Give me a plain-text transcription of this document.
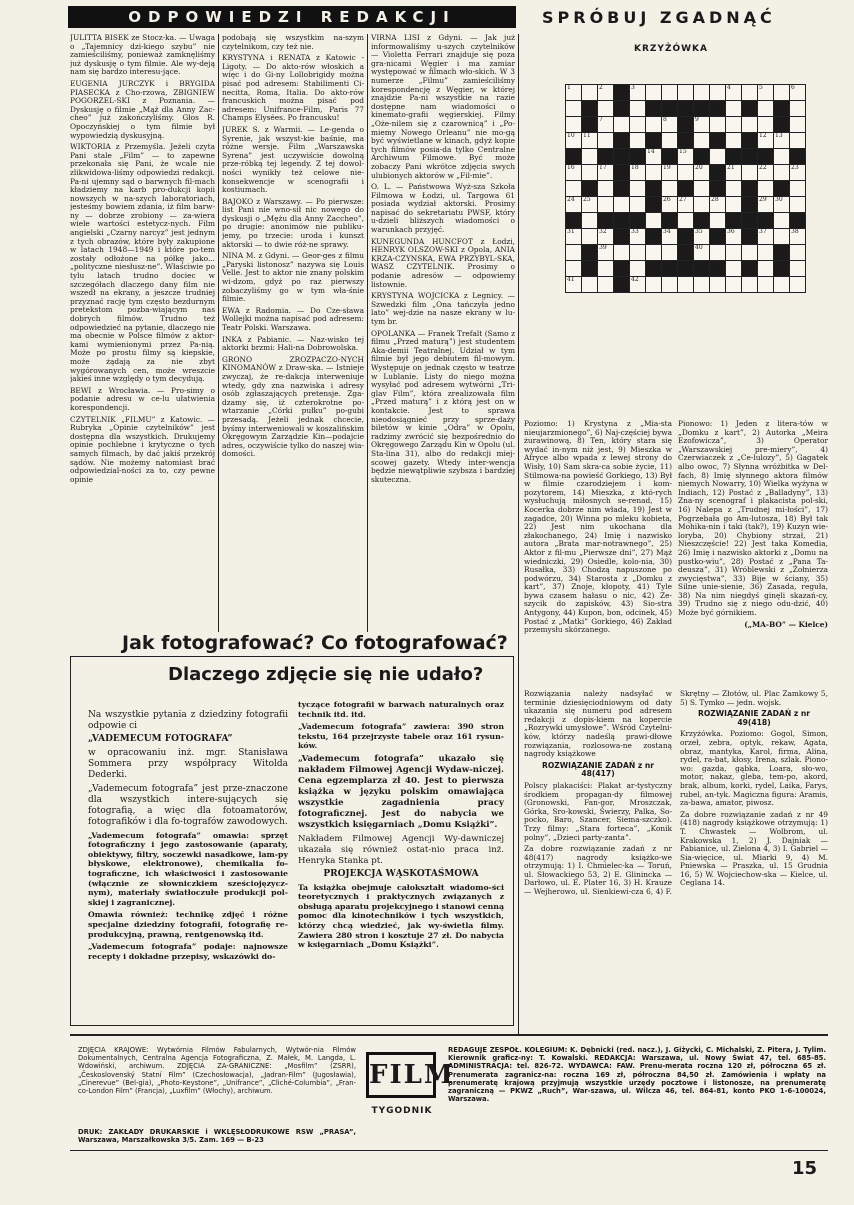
ODPOWIEDZI REDAKCJI	SPRÓBUJ ZGADNĄĆ
KRZYŻÓWKA

JULITTA BISEK ze Stocz-ka. — Uwaga o „Tajemnicy dzi-kiego szybu” nie zamieściliśmy, ponieważ zamknęliśmy już dyskusję o tym filmie. Ale wy-deją nam się bardzo interesu-jące.

EUGENIA JURCZYK i BRYGIDA PIASECKA z Cho-rzowa, ZBIGNIEW POGORZEL-SKI z Poznania. — Dyskusję o filmie „Mąż dla Anny Zac-cheo” już zakończyliśmy. Głos R. Opoczyńskiej o tym filmie był wypowiedzią dyskusyjną.

WIKTORIA z Przemyśla. Jeżeli czyta Pani stale „Film” — to zapewne przekonała się Pani, że wcale nie zlikwidowa-liśmy odpowiedzi redakcji. Pa-ni ujemny sąd o barwnych fil-mach kładziemy na karb pro-dukcji kopii nowszych w na-szych laboratoriach, jesteśmy bowiem zdania, iż film barw-ny — dobrze zrobiony — za-wiera wiele wartości estetycz-nych. Film angielski „Czarny narcyz” jest jednym z tych obrazów, które były zakupione w latach 1948—1949 i które po-tem zostały odłożone na półkę jako... „polityczne niesłusz-ne”. Właściwie po tylu latach trudno dociec w szczegółach dlaczego dany film nie wszedł na ekrany, a jeszcze trudniej przyznać rację tym często bezdurnym pretekstom pozba-wiającym nas dobrych filmów. Trudno też odpowiedzieć na pytanie, dlaczego nie ma obecnie w Polsce filmów z aktor-kami wymienionymi przez Pa-nią. Może po prostu filmy są kiepskie, może żądają za nie zbyt wygórowanych cen, może wreszcie jakieś inne względy o tym decydują.

BEWI z Wrocławia. — Pro-simy o podanie adresu w ce-lu ułatwienia korespondencji.

CZYTELNIK „FILMU” z Katowic. — Rubryka „Opinie czytelników” jest dostępna dla wszystkich. Drukujemy opinie pochlebne i krytyczne o tych samych filmach, by dać jakiś przekrój sądów. Nie możemy natomiast brać odpowiedzial-ności za to, czy pewne opinie

podobają się wszystkim na-szym czytelnikom, czy też nie.

KRYSTYNA i RENATA z Katowic - Ligoty. — Do akto-rów włoskich a więc i do Gi-ny Lollobrigidy można pisać pod adresem: Stabilimenti Ci-necitta, Roma, Italia. Do akto-rów francuskich można pisać pod adresem: Unifrance-Film, Paris 77 Champs Elysées. Po francusku!

JUREK S. z Warmii. — Le-genda o Syrenie, jak wszyst-kie baśnie, ma różne wersje. Film „Warszawska Syrena” jest uczywiście dowolną prze-róbką tej legendy. Z tej dowol-ności wynikły też celowe nie-konsekwencje w scenografii i kostiumach.

BAJOKO z Warszawy. — Po pierwsze: list Pani nie wno-sił nic nowego do dyskusji o „Mężu dla Anny Zaccheo”, po drugie: anonimów nie publiku-jemy, po trzecie: uroda i kunszt aktorski — to dwie róż-ne sprawy.

NINA M. z Gdyni. — Geor-ges z filmu „Paryski listonosz” nazywa się Louis Velle. Jest to aktor nie znany polskim wi-dzom, gdyż po raz pierwszy zobaczyliśmy go w tym wła-śnie filmie.

EWA z Radomia. — Do Cze-sława Wollejki można napisać pod adresem: Teatr Polski. Warszawa.

INKA z Pabianic. — Naz-wisko tej aktorki brzmi: Hali-na Dobrowolska.

GRONO ZROZPACZO-NYCH KINOMANÓW z Draw-ska. — Istnieje zwyczaj, że re-dakcja interweniuje wtedy, gdy zna nazwiska i adresy osób zgłaszających pretensje. Zga-dzamy się, iż czterokrotne po-wtarzanie „Córki pułku” po-gubi przesadą. Jeżeli jednak chcecie, byśmy interweniowali w koszalińskim Okręgowym Zarządzie Kin—podajcie adres, oczywiście tylko do naszej wia-domości.

VIRNA LISI z Gdyni. — Jak już informowaliśmy u-szych czytelników — Violetta Ferrari znajduje się poza gra-nicami Węgier i ma zamiar występować w filmach wło-skich. W 3 numerze „Filmu” zamieściliśmy korespondencję z Węgier, w której znajdzie Pa-ni wszystkie na razie dostępne nam wiadomości o kinemato-grafii węgierskiej. Filmy „Oże-nilem się z czarownicą” i „Po-miemy Nowego Orleanu” nie mo-gą być wyświetlane w kinach, gdyż kopie tych filmów posia-da tylko Centralne Archiwum Filmowe. Być może zobaczy Pani wkrótce zdjęcia swych ulubionych aktorów w „Fil-mie”.

O. L. — Państwowa Wyż-sza Szkoła Filmowa w Łodzi, ul. Targowa 61 posiada wydział aktorski. Prosimy napisać do sekretariatu PWSF, który u-dzieli bliższych wiadomości o warunkach przyjęć.

KUNEGUNDA HUNCFOT z Łodzi, HENRYK OLSZOW-SKI z Opola, ANIA KRZA-CZYNSKA, EWA PRZYBYL-SKA, WASZ CZYTELNIK. Prosimy o podanie adresów — odpowiemy listownie.

KRYSTYNA WOJCICKA z Legnicy. — Szwedzki film „Ona tańczyła jedno lato” wej-dzie na nasze ekrany w lu-tym br.

OPOLANKA — Franek Trefalt (Samo z filmu „Przed maturą”) jest studentem Aka-demii Teatralnej. Udział w tym filmie był jego debiutem fil-mowym. Występuje on jednak często w teatrze w Lublanie. Listy do niego można wysyłać pod adresem wytwórni „Tri-glav Film”, która zrealizowała film „Przed maturą” i z którą jest on w kontakcie. Jest to sprawa nieodosiągnieć przy sprze-daży biletów w kinie „Odra” w Opolu, radzimy zwrócić się bezpośrednio do Okręgowego Zarządu Kin w Opolu (ul. Sta-lina 31), albo do redakcji miej-scowej gazety. Wtedy inter-wencja będzie niewątpliwie szybsza i bardziej skuteczna.

1	2	3	4	5	6
7	8	9
10	11	12	13
14	15
16	17	18	19	20	21	22	23
24	25	26	27	28	29	30
31	32	33	34	35	36	37	38
39	40
41	42

Poziomo: 1) Krystyna z „Mia-sta nieujarzmionego”, 6) Naj-częściej bywa żurawinową, 8) Ten, który stara się wydać in-nym niż jest, 9) Mieszka w Afryce albo wpada z lewej strony do Wisły, 10) Sam skra-ca sobie życie, 11) Stilmowa-na powieść Gorkiego, 13) Był w filmie czarodziejem i kom-pozytorem, 14) Mieszka, z któ-rych wysłuchują miłosnych se-renad, 15) Kocerka dobrze nim włada, 19) Jest w zagadce, 20) Winna po mleku kobieta, 22) Jest nim ukochana dla złakochanego, 24) Imię i nazwisko autora „Brata mar-notrawnego”, 25) Aktor z fil-mu „Pierwsze dni”, 27) Mąż wiedniczki, 29) Osiedle, kolo-nia, 30) Rusałka, 33) Chodzą napuszone po podwórzu, 34) Starosta z „Domku z kart”, 37) Znoje, kłopoty, 41) Tyle bywa czasem hałasu o nic, 42) Ze-szycik do zapisków, 43) Sio-stra Antygony, 44) Kupon, bon, odcinek, 45) Postać z „Matki” Gorkiego, 46) Zakład przemysłu skórzanego.

Pionowo: 1) Jeden z litera-tów w „Domku z kart”, 2) Autorka „Meira Ezofowicza”, 3) Operator „Warszawskiej pre-miery”, 4) Czerwiaczek z „Ce-lulozy”, 5) Gagatek albo owoc, 7) Słynna wróżbitka w Del-fach, 8) Imię słynnego aktora filmów niemych Nowarry, 10) Wielka wyżyna w Indiach, 12) Postać z „Balladyny”, 13) Zna-ny scenograf i plakacista pol-ski, 16) Nalepa z „Trudnej mi-łości”, 17) Pogrzebała go Am-lutosza, 18) Był tak Mohika-nin i taki (tak?), 19) Kuzyn wie-loryba, 20) Chybiony strzał, 21) Nieszczęście! 22) Jest taka Komedia, 26) Imię i nazwisko aktorki z „Domu na pustko-wiu”, 28) Postać z „Pana Ta-deusza”, 31) Wróblewski z „Żołnierza zwycięstwa”, 33) Bije w ściany, 35) Silne unie-sienie, 36) Zasada, reguła, 38) Na nim niegdyś ginęli skazań-cy, 39) Trudno się z niego odu-dzić, 40) Może być górnikiem.

(„MA-BO” — Kielce)

Rozwiązania należy nadsyłać w terminie dziesięciodniowym od daty ukazania się numeru pod adresem redakcji z dopis-kiem na kopercie „Rozrywki umysłowe”. Wśród Czytelni-ków, którzy nadeślą prawi-dłowe rozwiązania, rozlosowa-ne zostaną nagrody książkowe

ROZWIĄZANIE ZADAŃ z nr 48(417)

Polscy plakaciści: Plakat ar-tystyczny środkiem propagan-dy filmowej (Gronowski, Fan-gor, Mroszczak, Górka, Sro-kowski, Świerzy, Palka, So-pocko, Baro, Szancer, Siema-szczko). Trzy filmy: „Stara forteca”, „Konik polny”, „Dzieci party-zanta”.

Za dobre rozwiązanie zadań z nr 48(417) nagrody książko-we otrzymują: 1) I. Chmielec-ka — Toruń, ul. Słowackiego 53, 2) E. Glinincka — Darłowo, ul. E. Plater 16, 3) H. Krauze — Wejherowo, ul. Sienkiewi-cza 6, 4) F. Skrętny — Złotów, ul. Plac Zamkowy 5, 5) S. Tymko — jedn. wojsk.

ROZWIĄZANIE ZADAŃ z nr 49(418)

Krzyżówka. Poziomo: Gogol, Simon, orzeł, zebra, optyk, rekaw, Agata, obraz, mantyka, Karol, firma, Alina, rydel, ra-bat, kłosy, Irena, szlak. Piono-wo: gazda, gąbka, Loara, sło-wo, motor, nakaz, gleba, tem-po, akord, brak, album, korki, rydel, Laika, Farys, rubel, an-tyk. Magiczna figura: Aramis, za-bawa, amator, piwosz.

Za dobre rozwiązanie zadań z nr 49 (418) nagrody książkowe otrzymują: 1) T. Chwastek — Wolbrom, ul. Krakowska 1, 2) J. Dajniak — Pabianice, ul. Zielona 4, 3) I. Gabriel — Sia-więcice, ul. Miarki 9, 4) M. Pniewska — Praszka, ul. 15 Grudnia 16, 5) W. Wojciechow-ska — Kielce, ul. Ceglana 14.

Jak fotografować? Co fotografować?
Dlaczego zdjęcie się nie udało?

Na wszystkie pytania z dziedziny fotografii odpowie ci

„VADEMECUM FOTOGRAFA”

w opracowaniu inż. mgr. Stanisława Sommera przy współpracy Witolda Dederki.

„Vademecum fotografa” jest prze-znaczone dla wszystkich intere-sujących się fotografią, a więc dla fotoamatorów, fotografików i dla fo-tografów zawodowych.

„Vademecum fotografa” omawia: sprzęt fotograficzny i jego zastosowanie (aparaty, obiektywy, filtry, soczewki nasadkowe, lam-py błyskowe, elektronowe), chemikalia fo-tograficzne, ich właściwości i zastosowanie (włącznie ze słowniczkiem sześciojęzycz-nym), materiały światłoczułe produkcji pol-skiej i zagranicznej.

Omawia również: technikę zdjęć i różne specjalne dziedziny fotografii, fotografię re-produkcyjną, prawną, rentgenowską itd.

„Vademecum fotografa” podaje: najnowsze recepty i dokładne przepisy, wskazówki do-

tyczące fotografii w barwach naturalnych oraz technik itd. itd.

„Vademecum fotografa” zawiera: 390 stron tekstu, 164 przejrzyste tabele oraz 161 rysun-ków.

„Vademecum fotografa” ukazało się nakładem Filmowej Agencji Wydaw-niczej. Cena egzemplarza zł 40. Jest to pierwsza książka w języku polskim omawiająca wszystkie zagadnienia pracy fotograficznej. Jest do nabycia we wszystkich księgarniach „Domu Książki”.

Nakładem Filmowej Agencji Wy-dawniczej ukazała się również ostat-nio praca inż. Henryka Stanka pt.

PROJEKCJA WĄSKOTAŚMOWA

Ta książka obejmuje całokształt wiadomo-ści teoretycznych i praktycznych związanych z obsługą aparatu projekcyjnego i stanowi cenną pomoc dla kinotechników i tych wszystkich, którzy chcą wiedzieć, jak wy-świetla filmy. Zawiera 280 stron i kosztuje 27 zł. Do nabycia w księgarniach „Domu Książki”.

ZDJĘCIA KRAJOWE: Wytwórnia Filmów Fabularnych, Wytwór-nia Filmów Dokumentalnych, Centralna Agencja Fotograficzna, Z. Małek, M. Langda, L. Wdowiński, archiwum. ZDJĘCIA ZA-GRANICZNE: „Mosfilm” (ZSRR), „Československý Statní Film” (Czechosłowacja), „Jadran-Film” (Jugosławia), „Cinerevue” (Bel-gia), „Photo-Keystone”, „Unifrance”, „Cliché-Columbia”, „Fran-co-London Film” (Francja), „Luxfilm” (Włochy), archiwum.
DRUK: ZAKŁADY DRUKARSKIE i WKLĘSŁODRUKOWE RSW „PRASA”, Warszawa, Marszałkowska 3/5. Zam. 169 — B-23
FILM
TYGODNIK
REDAGUJE ZESPÓŁ. KOLEGIUM: K. Dębnicki (red. nacz.), J. Giżycki, C. Michalski, Z. Pitera, J. Tylim. Kierownik graficz-ny: T. Kowalski. REDAKCJA: Warszawa, ul. Nowy Świat 47, tel. 685-85. ADMINISTRACJA: tel. 826-72. WYDAWCA: FAW. Prenu-merata roczna 120 zł, półroczna 65 zł. Prenumerata zagranicz-na: roczna 169 zł, półroczna 84,50 zł. Zamówienia i wpłaty na prenumeratę krajową przyjmują wszystkie urzędy pocztowe i listonosze, na prenumeratę zagraniczną — PKWZ „Ruch”, War-szawa, ul. Wilcza 46, tel. 864-81, konto PKO 1-6-100024, Warszawa.
15
